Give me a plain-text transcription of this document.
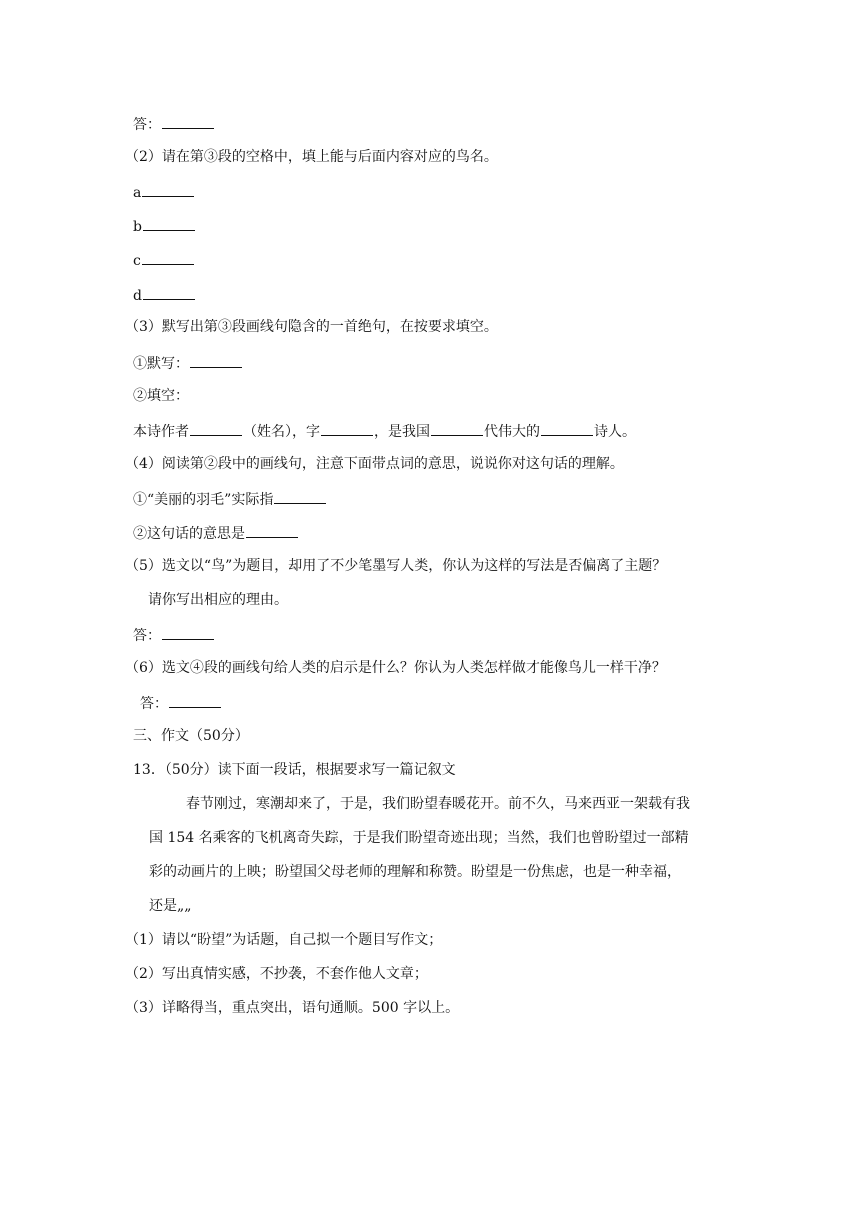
答：
（2）请在第③段的空格中，填上能与后面内容对应的鸟名。
a
b
c
d
（3）默写出第③段画线句隐含的一首绝句，在按要求填空。
①默写：
②填空：
本诗作者	（姓名），字	，是我国	代伟大的	诗人。
（4）阅读第②段中的画线句，注意下面带点词的意思，说说你对这句话的理解。
①“美丽的羽毛”实际指
②这句话的意思是
（5）选文以“鸟”为题目，却用了不少笔墨写人类，你认为这样的写法是否偏离了主题？
请你写出相应的理由。
答：
（6）选文④段的画线句给人类的启示是什么？你认为人类怎样做才能像鸟儿一样干净？
答：
三、作文（50分）
13．（50分）读下面一段话，根据要求写一篇记叙文
春节刚过，寒潮却来了，于是，我们盼望春暖花开。前不久，马来西亚一架载有我
国 154 名乘客的飞机离奇失踪，于是我们盼望奇迹出现；当然，我们也曾盼望过一部精
彩的动画片的上映；盼望国父母老师的理解和称赞。盼望是一份焦虑，也是一种幸福，
还是„„
（1）请以“盼望”为话题，自己拟一个题目写作文；
（2）写出真情实感，不抄袭，不套作他人文章；
（3）详略得当，重点突出，语句通顺。500 字以上。
